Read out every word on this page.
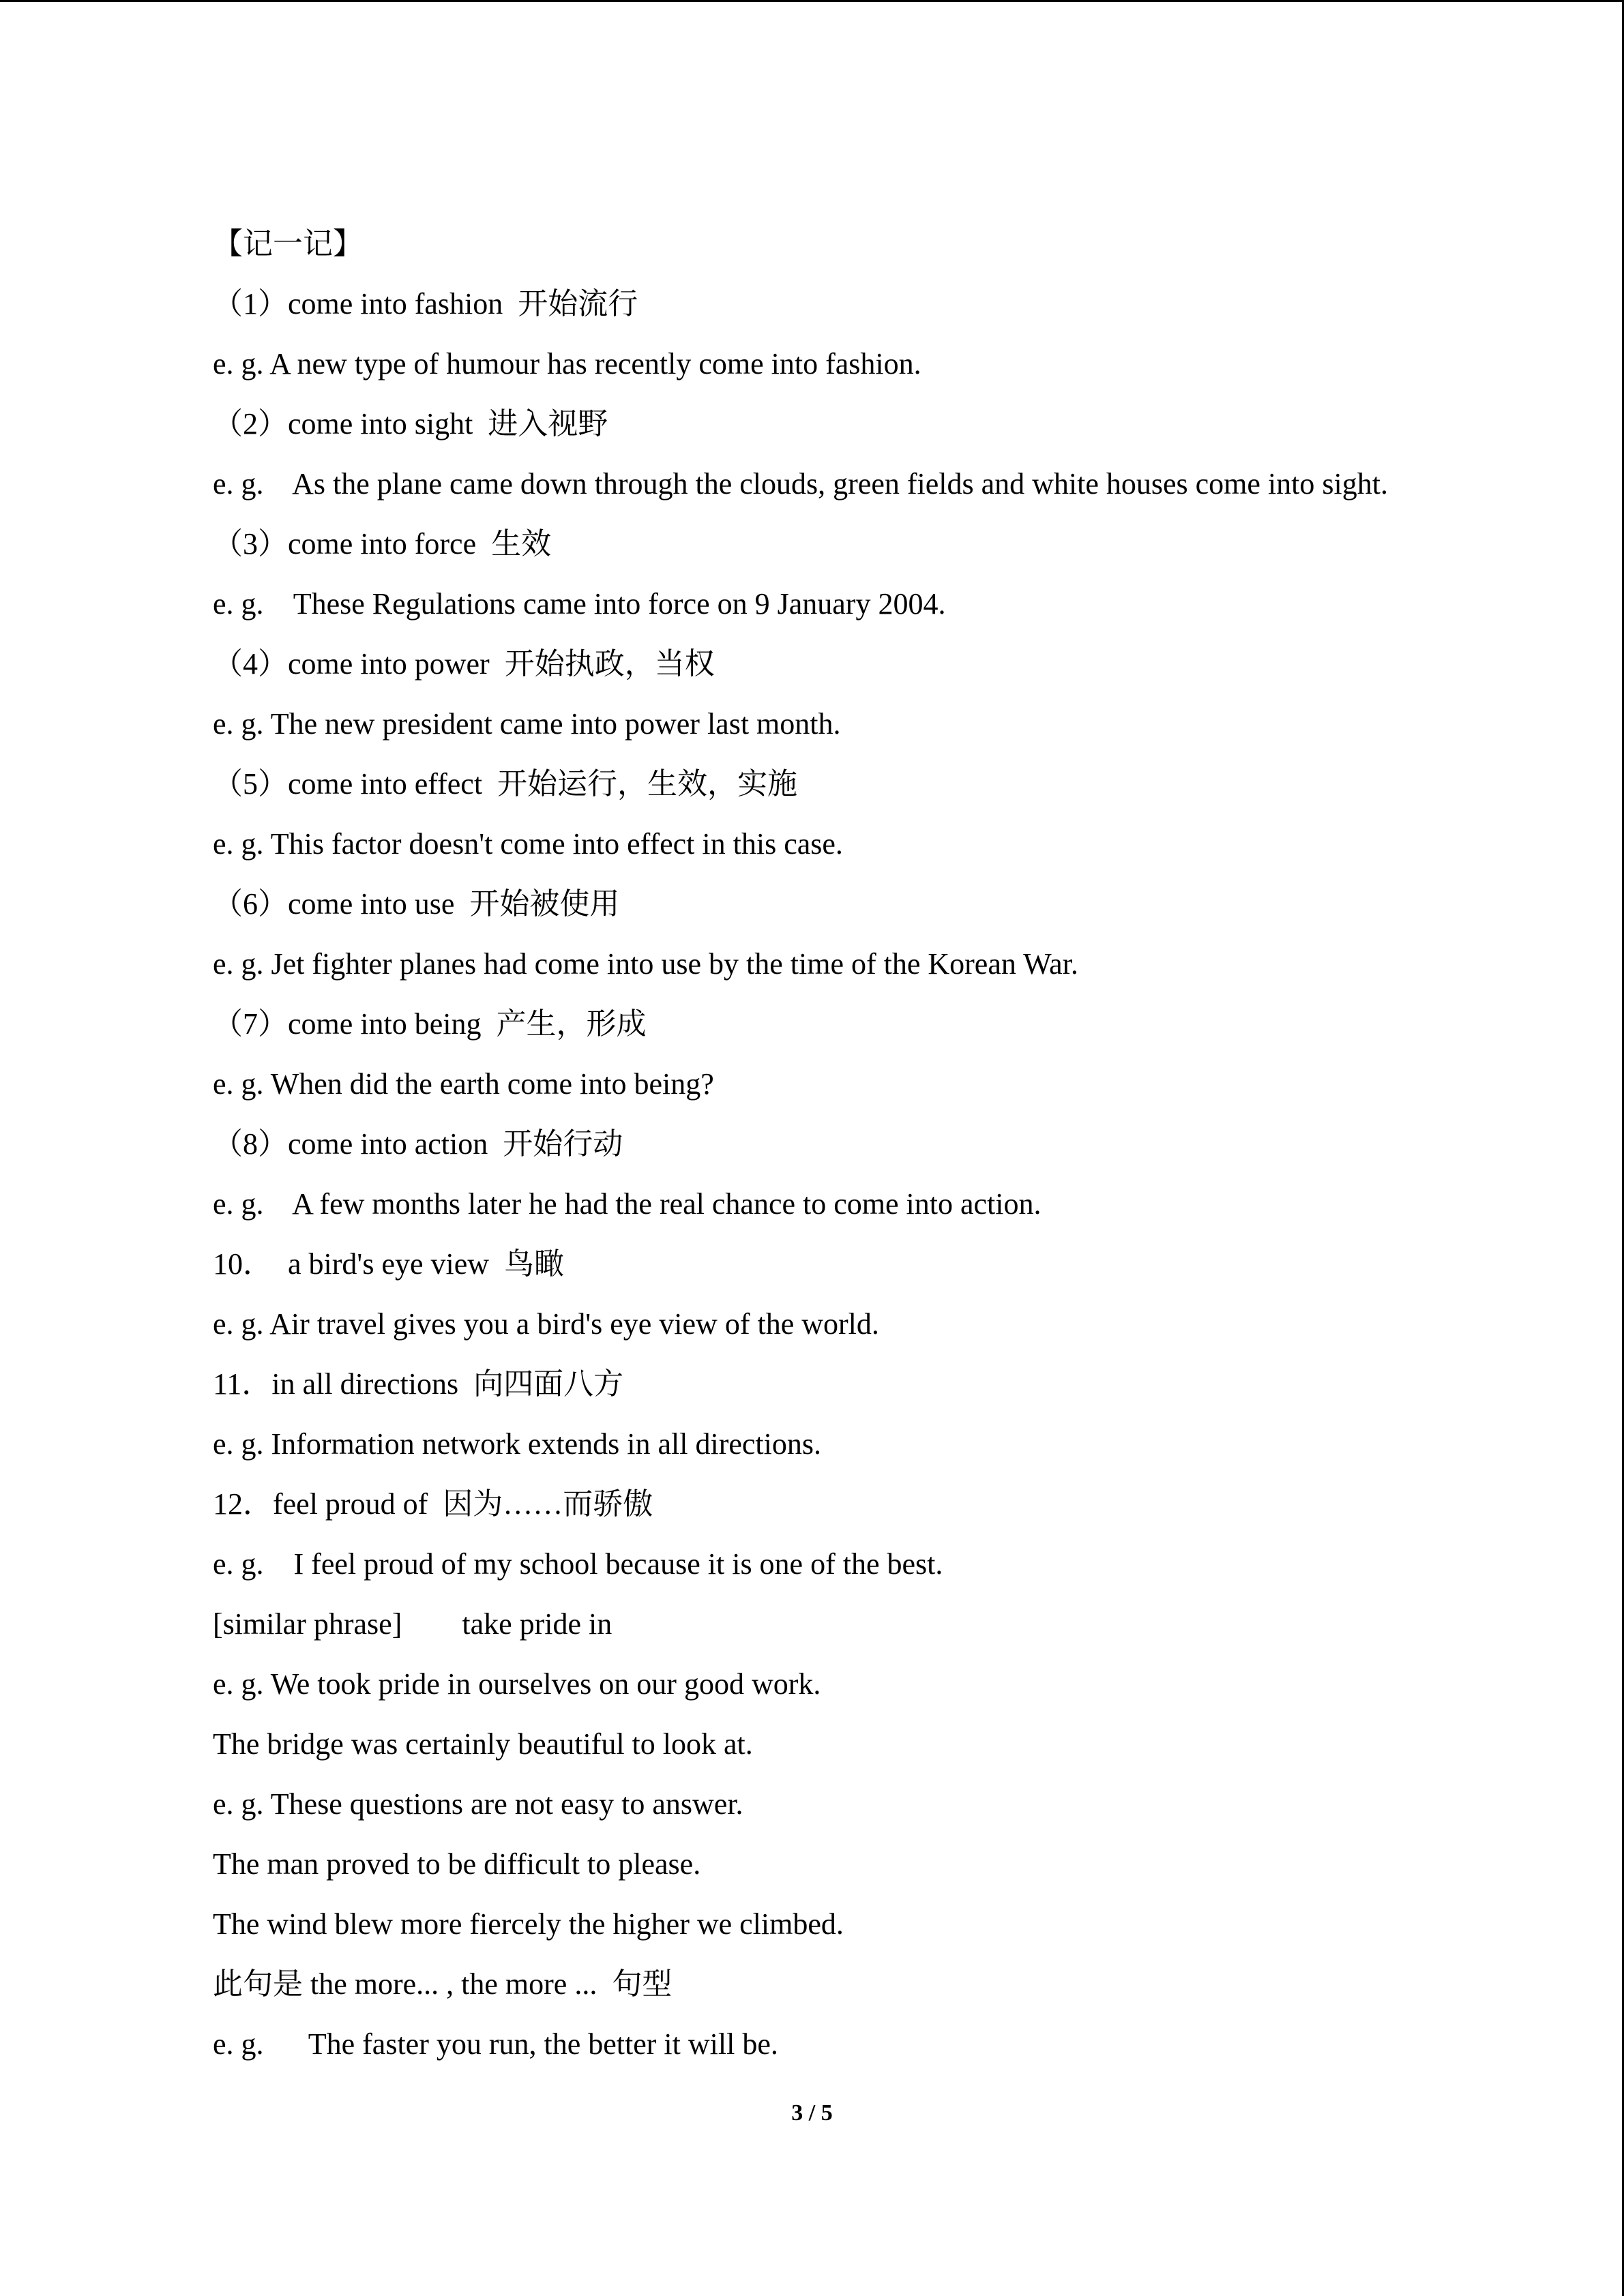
【记一记】
（1）come into fashion  开始流行
e. g. A new type of humour has recently come into fashion.
（2）come into sight  进入视野
e. g.    As the plane came down through the clouds, green fields and white houses come into sight.
（3）come into force  生效
e. g.    These Regulations came into force on 9 January 2004.
（4）come into power  开始执政，当权
e. g. The new president came into power last month.
（5）come into effect  开始运行，生效，实施
e. g. This factor doesn't come into effect in this case.
（6）come into use  开始被使用
e. g. Jet fighter planes had come into use by the time of the Korean War.
（7）come into being  产生，形成
e. g. When did the earth come into being?
（8）come into action  开始行动
e. g.    A few months later he had the real chance to come into action.
10．  a bird's eye view  鸟瞰
e. g. Air travel gives you a bird's eye view of the world.
11．in all directions  向四面八方
e. g. Information network extends in all directions.
12．feel proud of  因为……而骄傲
e. g.    I feel proud of my school because it is one of the best.
[similar phrase]        take pride in
e. g. We took pride in ourselves on our good work.
The bridge was certainly beautiful to look at.
e. g. These questions are not easy to answer.
The man proved to be difficult to please.
The wind blew more fiercely the higher we climbed.
此句是 the more... , the more ...  句型
e. g.      The faster you run, the better it will be.
3 / 5
